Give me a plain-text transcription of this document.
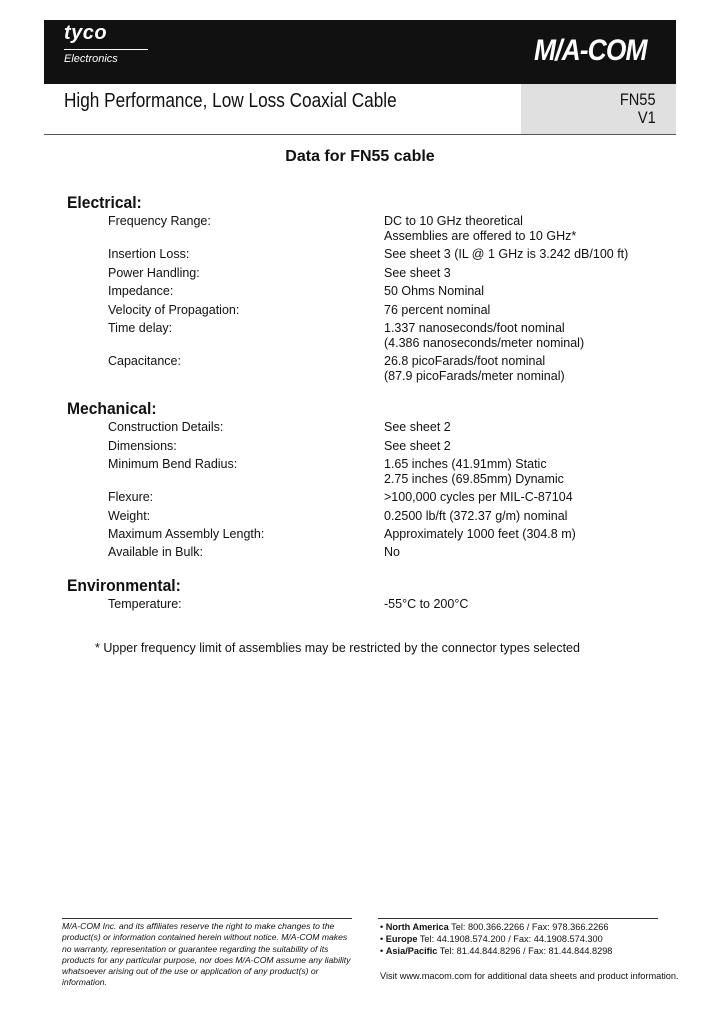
tyco
Electronics	M/A-COM
High Performance, Low Loss Coaxial Cable	FN55
V1
Data for FN55 cable
Electrical:
Frequency Range:	DC to 10 GHz theoretical
Assemblies are offered to 10 GHz*
Insertion Loss:	See sheet 3 (IL @ 1 GHz is 3.242 dB/100 ft)
Power Handling:	See sheet 3
Impedance:	50 Ohms Nominal
Velocity of Propagation:	76 percent nominal
Time delay:	1.337 nanoseconds/foot nominal
(4.386 nanoseconds/meter nominal)
Capacitance:	26.8 picoFarads/foot nominal
(87.9 picoFarads/meter nominal)
Mechanical:
Construction Details:	See sheet 2
Dimensions:	See sheet 2
Minimum Bend Radius:	1.65 inches (41.91mm) Static
2.75 inches (69.85mm) Dynamic
Flexure:	>100,000 cycles per MIL-C-87104
Weight:	0.2500 lb/ft (372.37 g/m) nominal
Maximum Assembly Length:	Approximately 1000 feet (304.8 m)
Available in Bulk:	No
Environmental:
Temperature:	-55°C to 200°C
* Upper frequency limit of assemblies may be restricted by the connector types selected
M/A-COM Inc. and its affiliates reserve the right to make changes to the
product(s) or information contained herein without notice. M/A-COM makes
no warranty, representation or guarantee regarding the suitability of its
products for any particular purpose, nor does M/A-COM assume any liability
whatsoever arising out of the use or application of any product(s) or
information.
• North America Tel: 800.366.2266 / Fax: 978.366.2266
• Europe Tel: 44.1908.574.200 / Fax: 44.1908.574.300
• Asia/Pacific Tel: 81.44.844.8296 / Fax: 81.44.844.8298
Visit www.macom.com for additional data sheets and product information.
